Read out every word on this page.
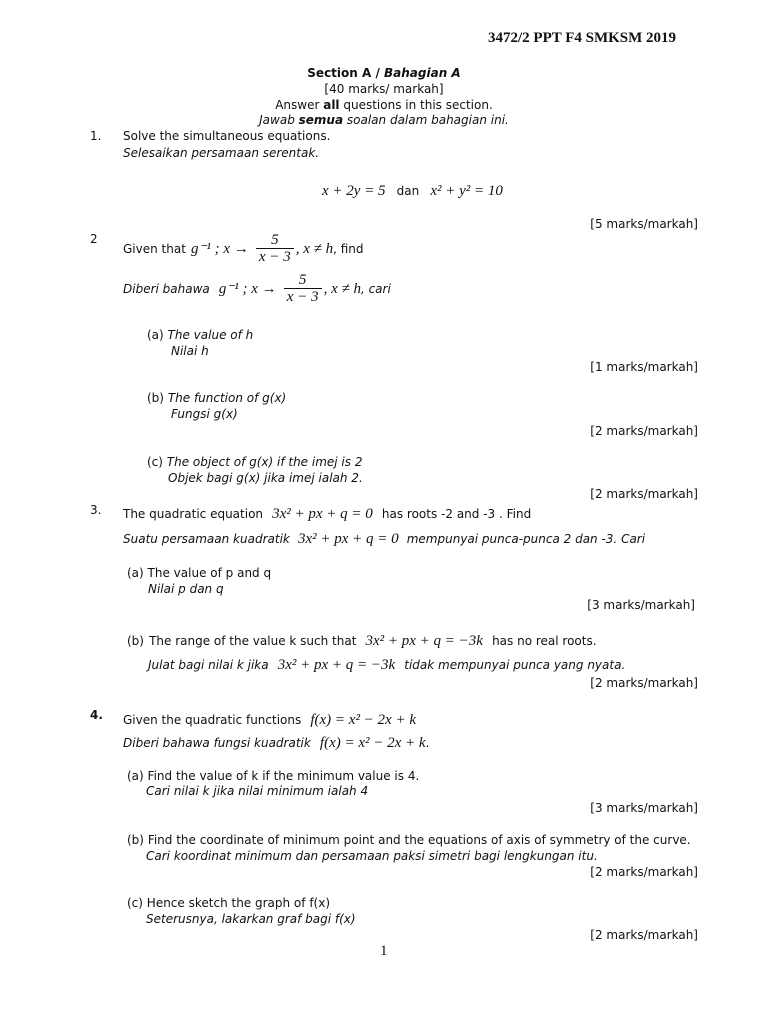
3472/2 PPT F4 SMKSM 2019
Section A / Bahagian A
[40 marks/ markah]
Answer all questions in this section.
Jawab semua soalan dalam bahagian ini.
1. Solve the simultaneous equations.
Selesaikan persamaan serentak.
x + 2y = 5 dan x² + y² = 10
[5 marks/markah]
2
Given that g⁻¹ ; $x \to \frac{5}{x - 3}$ , x ≠ h, find
Diberi bahawa g⁻¹ ; $x \to \frac{5}{x - 3}$ , x ≠ h, cari
(a) The value of h
Nilai h
[1 marks/markah]
(b) The function of g(x)
Fungsi g(x)
[2 marks/markah]
(c) The object of g(x) if the imej is 2
Objek bagi g(x) jika imej ialah 2.
[2 marks/markah]
3. The quadratic equation 3x² + px + q = 0 has roots -2 and -3 . Find
Suatu persamaan kuadratik 3x² + px + q = 0 mempunyai punca-punca 2 dan -3. Cari
(a) The value of p and q
Nilai p dan q
[3 marks/markah]
(b) The range of the value k such that 3x² + px + q = −3k has no real roots.
Julat bagi nilai k jika 3x² + px + q = −3k tidak mempunyai punca yang nyata.
[2 marks/markah]
4. Given the quadratic functions f(x) = x² − 2x + k
Diberi bahawa fungsi kuadratik f(x) = x² − 2x + k.
(a) Find the value of k if the minimum value is 4.
Cari nilai k jika nilai minimum ialah 4
[3 marks/markah]
(b) Find the coordinate of minimum point and the equations of axis of symmetry of the curve.
Cari koordinat minimum dan persamaan paksi simetri bagi lengkungan itu.
[2 marks/markah]
(c) Hence sketch the graph of f(x)
Seterusnya, lakarkan graf bagi f(x)
[2 marks/markah]
1
